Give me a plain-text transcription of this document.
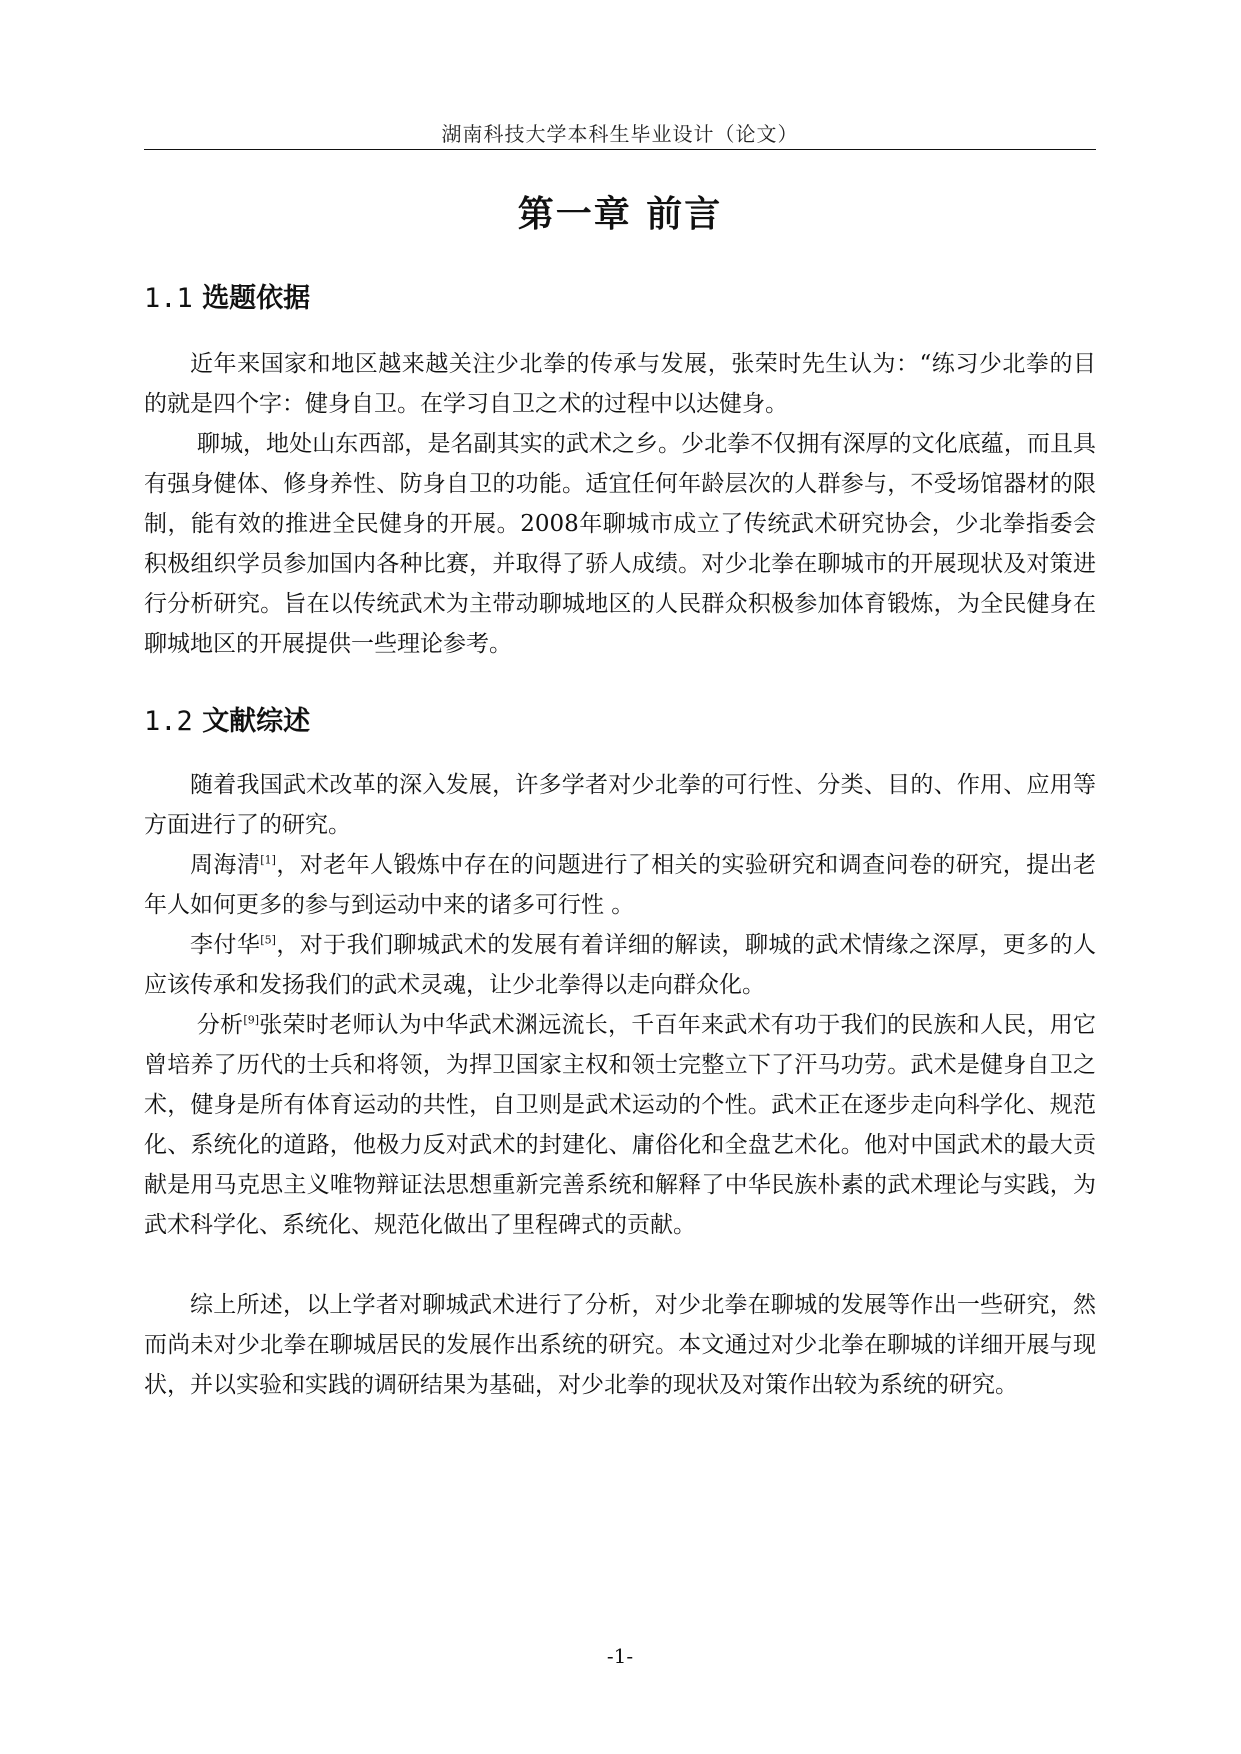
湖南科技大学本科生毕业设计（论文）
第一章 前言
1.1 选题依据

近年来国家和地区越来越关注少北拳的传承与发展，张荣时先生认为：“练习少北拳的目的就是四个字：健身自卫。在学习自卫之术的过程中以达健身。

聊城，地处山东西部，是名副其实的武术之乡。少北拳不仅拥有深厚的文化底蕴，而且具有强身健体、修身养性、防身自卫的功能。适宜任何年龄层次的人群参与，不受场馆器材的限制，能有效的推进全民健身的开展。2008年聊城市成立了传统武术研究协会，少北拳指委会积极组织学员参加国内各种比赛，并取得了骄人成绩。对少北拳在聊城市的开展现状及对策进行分析研究。旨在以传统武术为主带动聊城地区的人民群众积极参加体育锻炼，为全民健身在聊城地区的开展提供一些理论参考。

1.2 文献综述

随着我国武术改革的深入发展，许多学者对少北拳的可行性、分类、目的、作用、应用等方面进行了的研究。

周海清[1]，对老年人锻炼中存在的问题进行了相关的实验研究和调查问卷的研究，提出老年人如何更多的参与到运动中来的诸多可行性 。

李付华[5]，对于我们聊城武术的发展有着详细的解读，聊城的武术情缘之深厚，更多的人应该传承和发扬我们的武术灵魂，让少北拳得以走向群众化。

分析[9]张荣时老师认为中华武术渊远流长，千百年来武术有功于我们的民族和人民，用它曾培养了历代的士兵和将领，为捍卫国家主权和领士完整立下了汗马功劳。武术是健身自卫之术，健身是所有体育运动的共性，自卫则是武术运动的个性。武术正在逐步走向科学化、规范化、系统化的道路，他极力反对武术的封建化、庸俗化和全盘艺术化。他对中国武术的最大贡献是用马克思主义唯物辩证法思想重新完善系统和解释了中华民族朴素的武术理论与实践，为武术科学化、系统化、规范化做出了里程碑式的贡献。

综上所述，以上学者对聊城武术进行了分析，对少北拳在聊城的发展等作出一些研究，然而尚未对少北拳在聊城居民的发展作出系统的研究。本文通过对少北拳在聊城的详细开展与现状，并以实验和实践的调研结果为基础，对少北拳的现状及对策作出较为系统的研究。

-1-
